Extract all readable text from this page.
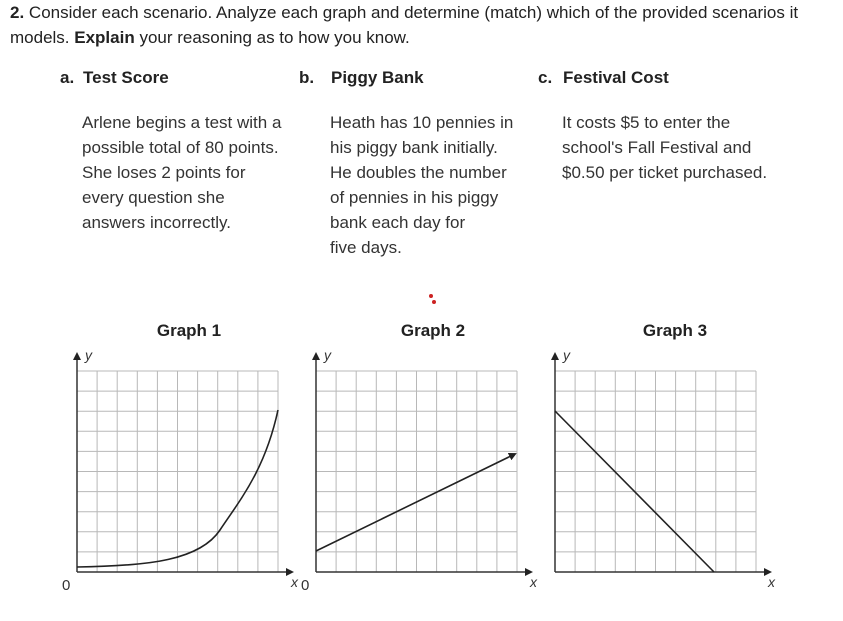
2. Consider each scenario. Analyze each graph and determine (match) which of the provided scenarios it models. Explain your reasoning as to how you know.
a. Test Score	b. Piggy Bank	c. Festival Cost
Arlene begins a test with a
possible total of 80 points.
She loses 2 points for
every question she
answers incorrectly.
Heath has 10 pennies in
his piggy bank initially.
He doubles the number
of pennies in his piggy
bank each day for
five days.
It costs $5 to enter the
school's Fall Festival and
$0.50 per ticket purchased.
Graph 1	Graph 2	Graph 3
y
x
0
y
x
0
y
x
